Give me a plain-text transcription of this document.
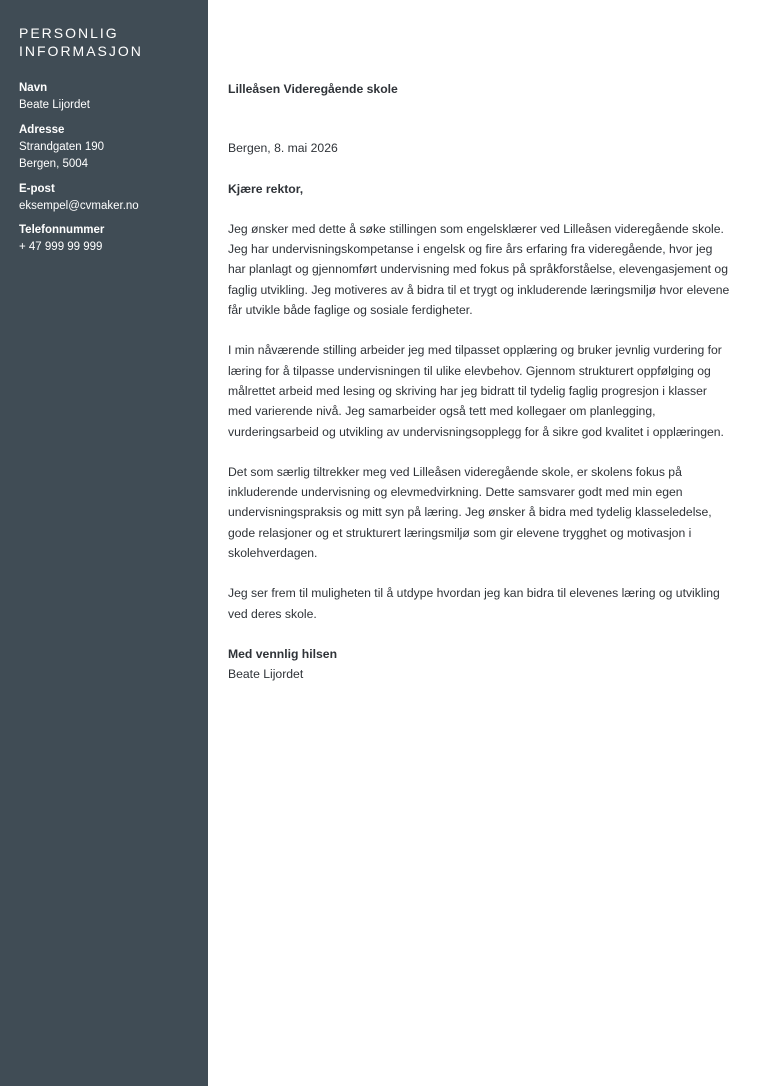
PERSONLIG
INFORMASJON
Navn
Beate Lijordet
Adresse
Strandgaten 190
Bergen, 5004
E-post
eksempel@cvmaker.no
Telefonnummer
+ 47 999 99 999

Lilleåsen Videregående skole

Bergen, 8. mai 2026

Kjære rektor,

Jeg ønsker med dette å søke stillingen som engelsklærer ved Lilleåsen videregående skole. Jeg har undervisningskompetanse i engelsk og fire års erfaring fra videregående, hvor jeg har planlagt og gjennomført undervisning med fokus på språkforståelse, elevengasjement og faglig utvikling. Jeg motiveres av å bidra til et trygt og inkluderende læringsmiljø hvor elevene får utvikle både faglige og sosiale ferdigheter.

I min nåværende stilling arbeider jeg med tilpasset opplæring og bruker jevnlig vurdering for læring for å tilpasse undervisningen til ulike elevbehov. Gjennom strukturert oppfølging og målrettet arbeid med lesing og skriving har jeg bidratt til tydelig faglig progresjon i klasser med varierende nivå. Jeg samarbeider også tett med kollegaer om planlegging, vurderingsarbeid og utvikling av undervisningsopplegg for å sikre god kvalitet i opplæringen.

Det som særlig tiltrekker meg ved Lilleåsen videregående skole, er skolens fokus på inkluderende undervisning og elevmedvirkning. Dette samsvarer godt med min egen undervisningspraksis og mitt syn på læring. Jeg ønsker å bidra med tydelig klasseledelse, gode relasjoner og et strukturert læringsmiljø som gir elevene trygghet og motivasjon i skolehverdagen.

Jeg ser frem til muligheten til å utdype hvordan jeg kan bidra til elevenes læring og utvikling ved deres skole.

Med vennlig hilsen

Beate Lijordet
